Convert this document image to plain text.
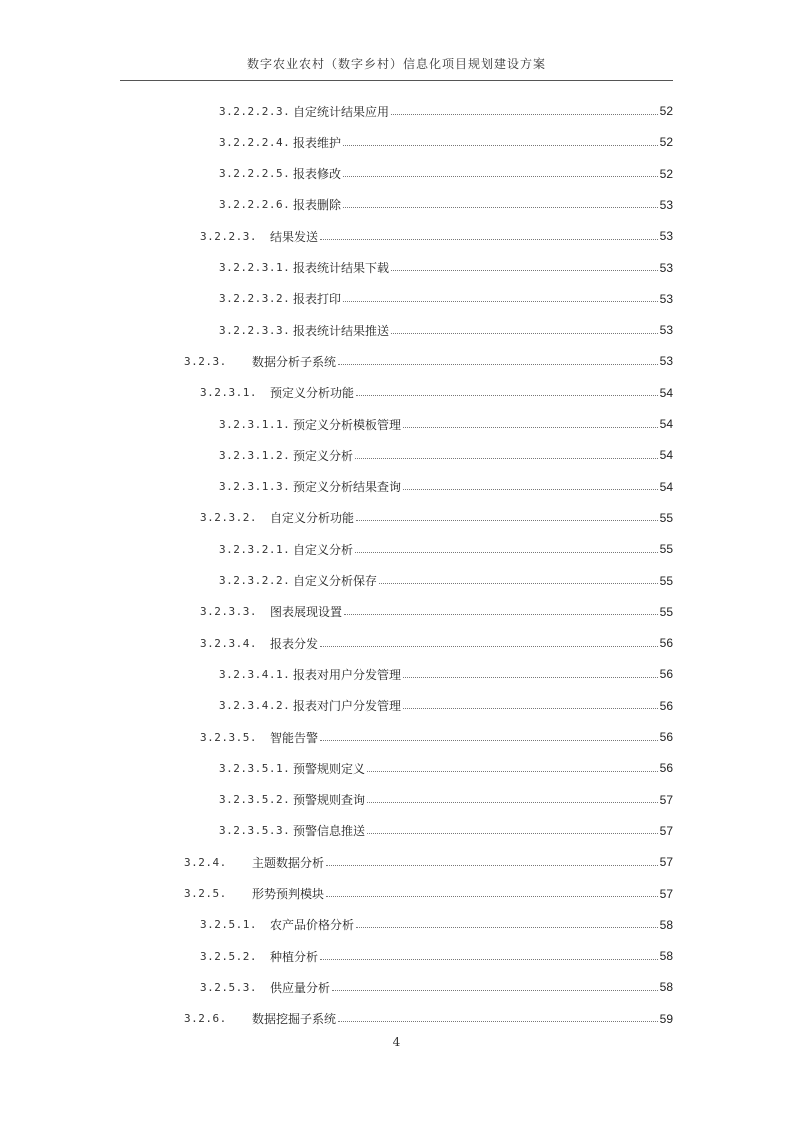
数字农业农村（数字乡村）信息化项目规划建设方案
3.2.2.2.3. 自定统计结果应用	52
3.2.2.2.4. 报表维护	52
3.2.2.2.5. 报表修改	52
3.2.2.2.6. 报表删除	53
3.2.2.3.	结果发送	53
3.2.2.3.1. 报表统计结果下载	53
3.2.2.3.2. 报表打印	53
3.2.2.3.3. 报表统计结果推送	53
3.2.3.	数据分析子系统	53
3.2.3.1.	预定义分析功能	54
3.2.3.1.1. 预定义分析模板管理	54
3.2.3.1.2. 预定义分析	54
3.2.3.1.3. 预定义分析结果查询	54
3.2.3.2.	自定义分析功能	55
3.2.3.2.1. 自定义分析	55
3.2.3.2.2. 自定义分析保存	55
3.2.3.3.	图表展现设置	55
3.2.3.4.	报表分发	56
3.2.3.4.1. 报表对用户分发管理	56
3.2.3.4.2. 报表对门户分发管理	56
3.2.3.5.	智能告警	56
3.2.3.5.1. 预警规则定义	56
3.2.3.5.2. 预警规则查询	57
3.2.3.5.3. 预警信息推送	57
3.2.4.	主题数据分析	57
3.2.5.	形势预判模块	57
3.2.5.1.	农产品价格分析	58
3.2.5.2.	种植分析	58
3.2.5.3.	供应量分析	58
3.2.6.	数据挖掘子系统	59
4
